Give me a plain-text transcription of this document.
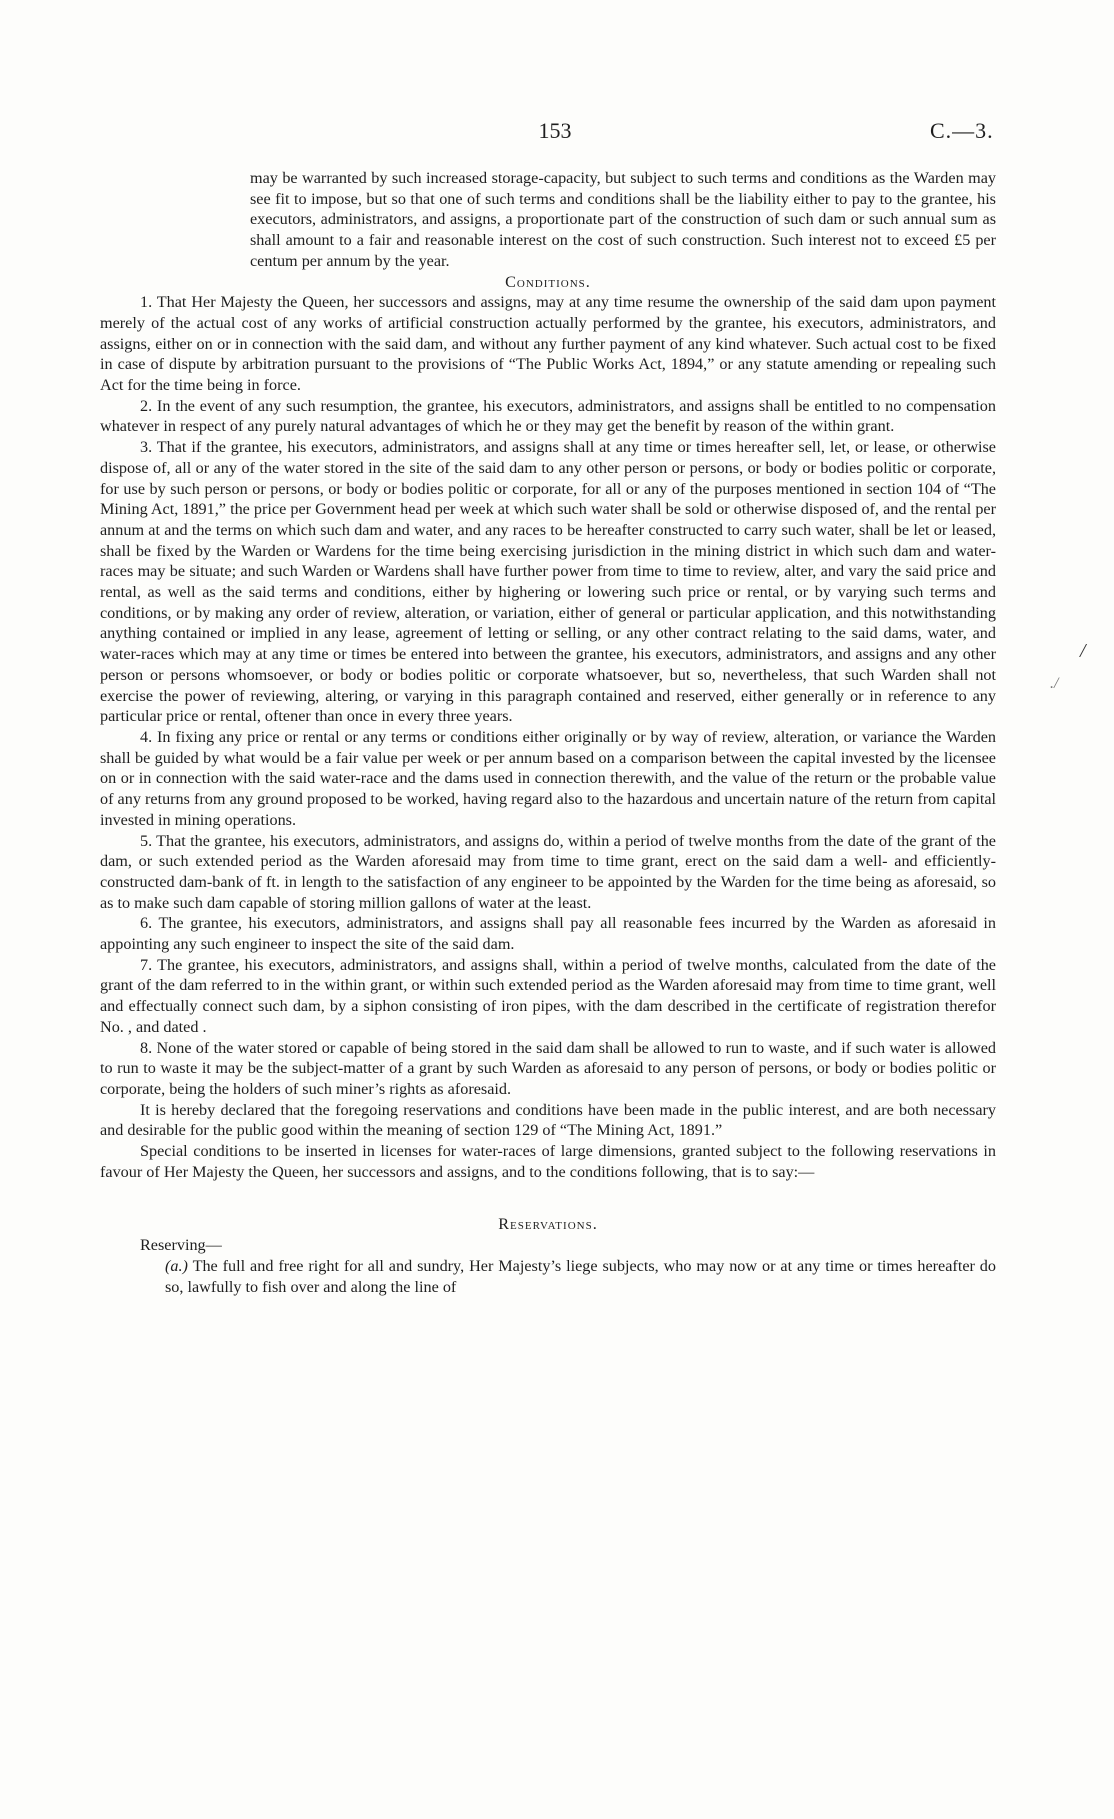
153	C.—3.
/
./

may be warranted by such increased storage-capacity, but subject to such terms and conditions as the Warden may see fit to impose, but so that one of such terms and conditions shall be the liability either to pay to the grantee, his executors, administrators, and assigns, a proportionate part of the construction of such dam or such annual sum as shall amount to a fair and reasonable interest on the cost of such construction. Such interest not to exceed £5 per centum per annum by the year.

Conditions.

1. That Her Majesty the Queen, her successors and assigns, may at any time resume the ownership of the said dam upon payment merely of the actual cost of any works of artificial construction actually performed by the grantee, his executors, administrators, and assigns, either on or in connection with the said dam, and without any further payment of any kind whatever. Such actual cost to be fixed in case of dispute by arbitration pursuant to the provisions of “The Public Works Act, 1894,” or any statute amending or repealing such Act for the time being in force.

2. In the event of any such resumption, the grantee, his executors, administrators, and assigns shall be entitled to no compensation whatever in respect of any purely natural advantages of which he or they may get the benefit by reason of the within grant.

3. That if the grantee, his executors, administrators, and assigns shall at any time or times hereafter sell, let, or lease, or otherwise dispose of, all or any of the water stored in the site of the said dam to any other person or persons, or body or bodies politic or corporate, for use by such person or persons, or body or bodies politic or corporate, for all or any of the purposes mentioned in section 104 of “The Mining Act, 1891,” the price per Government head per week at which such water shall be sold or otherwise disposed of, and the rental per annum at and the terms on which such dam and water, and any races to be hereafter constructed to carry such water, shall be let or leased, shall be fixed by the Warden or Wardens for the time being exercising jurisdiction in the mining district in which such dam and water-races may be situate; and such Warden or Wardens shall have further power from time to time to review, alter, and vary the said price and rental, as well as the said terms and conditions, either by highering or lowering such price or rental, or by varying such terms and conditions, or by making any order of review, alteration, or variation, either of general or particular application, and this notwithstanding anything contained or implied in any lease, agreement of letting or selling, or any other contract relating to the said dams, water, and water-races which may at any time or times be entered into between the grantee, his executors, administrators, and assigns and any other person or persons whomsoever, or body or bodies politic or corporate whatsoever, but so, nevertheless, that such Warden shall not exercise the power of reviewing, altering, or varying in this paragraph contained and reserved, either generally or in reference to any particular price or rental, oftener than once in every three years.

4. In fixing any price or rental or any terms or conditions either originally or by way of review, alteration, or variance the Warden shall be guided by what would be a fair value per week or per annum based on a comparison between the capital invested by the licensee on or in connection with the said water-race and the dams used in connection therewith, and the value of the return or the probable value of any returns from any ground proposed to be worked, having regard also to the hazardous and uncertain nature of the return from capital invested in mining operations.

5. That the grantee, his executors, administrators, and assigns do, within a period of twelve months from the date of the grant of the dam, or such extended period as the Warden aforesaid may from time to time grant, erect on the said dam a well- and efficiently-constructed dam-bank of ft. in length to the satisfaction of any engineer to be appointed by the Warden for the time being as aforesaid, so as to make such dam capable of storing million gallons of water at the least.

6. The grantee, his executors, administrators, and assigns shall pay all reasonable fees incurred by the Warden as aforesaid in appointing any such engineer to inspect the site of the said dam.

7. The grantee, his executors, administrators, and assigns shall, within a period of twelve months, calculated from the date of the grant of the dam referred to in the within grant, or within such extended period as the Warden aforesaid may from time to time grant, well and effectually connect such dam, by a siphon consisting of iron pipes, with the dam described in the certificate of registration therefor No. , and dated .

8. None of the water stored or capable of being stored in the said dam shall be allowed to run to waste, and if such water is allowed to run to waste it may be the subject-matter of a grant by such Warden as aforesaid to any person of persons, or body or bodies politic or corporate, being the holders of such miner’s rights as aforesaid.

It is hereby declared that the foregoing reservations and conditions have been made in the public interest, and are both necessary and desirable for the public good within the meaning of section 129 of “The Mining Act, 1891.”

Special conditions to be inserted in licenses for water-races of large dimensions, granted subject to the following reservations in favour of Her Majesty the Queen, her successors and assigns, and to the conditions following, that is to say:—

Reservations.

Reserving—

(a.) The full and free right for all and sundry, Her Majesty’s liege subjects, who may now or at any time or times hereafter do so, lawfully to fish over and along the line of
